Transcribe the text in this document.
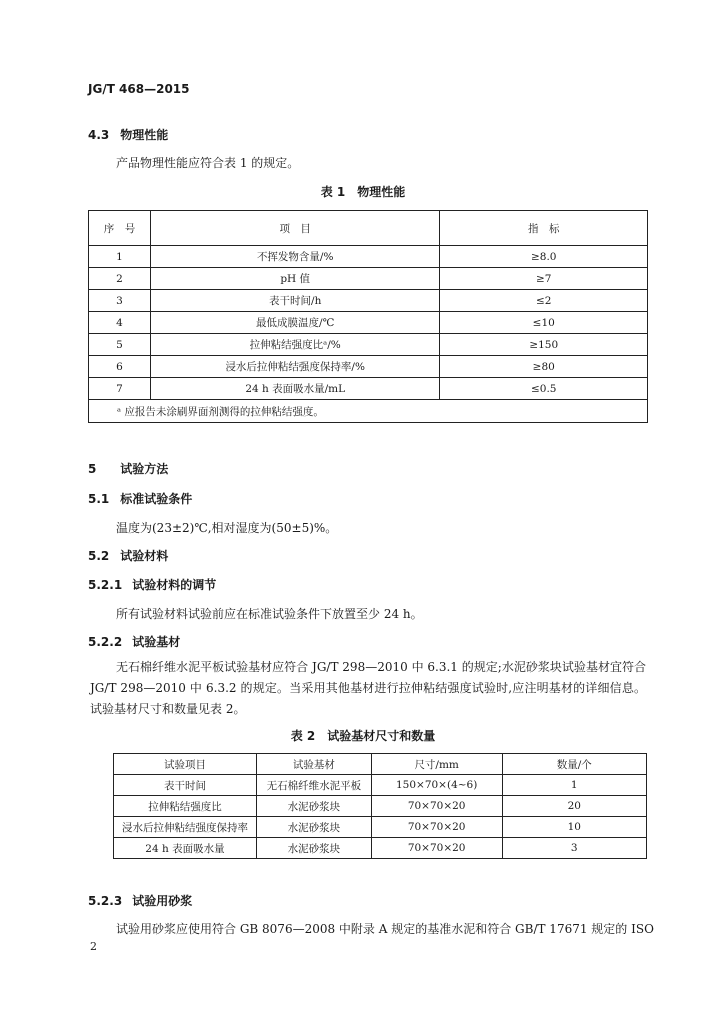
JG/T 468—2015
4.3 物理性能
产品物理性能应符合表 1 的规定。
表 1　物理性能
序　号	项　目	指　标
1	不挥发物含量/%	≥8.0
2	pH 值	≥7
3	表干时间/h	≤2
4	最低成膜温度/℃	≤10
5	拉伸粘结强度比ᵃ/%	≥150
6	浸水后拉伸粘结强度保持率/%	≥80
7	24 h 表面吸水量/mL	≤0.5
ᵃ 应报告未涂刷界面剂测得的拉伸粘结强度。		
5 试验方法
5.1 标准试验条件
温度为(23±2)℃,相对湿度为(50±5)%。
5.2 试验材料
5.2.1 试验材料的调节
所有试验材料试验前应在标准试验条件下放置至少 24 h。
5.2.2 试验基材
无石棉纤维水泥平板试验基材应符合 JG/T 298—2010 中 6.3.1 的规定;水泥砂浆块试验基材宜符合 JG/T 298—2010 中 6.3.2 的规定。当采用其他基材进行拉伸粘结强度试验时,应注明基材的详细信息。试验基材尺寸和数量见表 2。
表 2　试验基材尺寸和数量
试验项目	试验基材	尺寸/mm	数量/个
表干时间	无石棉纤维水泥平板	150×70×(4~6)	1
拉伸粘结强度比	水泥砂浆块	70×70×20	20
浸水后拉伸粘结强度保持率	水泥砂浆块	70×70×20	10
24 h 表面吸水量	水泥砂浆块	70×70×20	3
5.2.3 试验用砂浆
试验用砂浆应使用符合 GB 8076—2008 中附录 A 规定的基准水泥和符合 GB/T 17671 规定的 ISO
2
